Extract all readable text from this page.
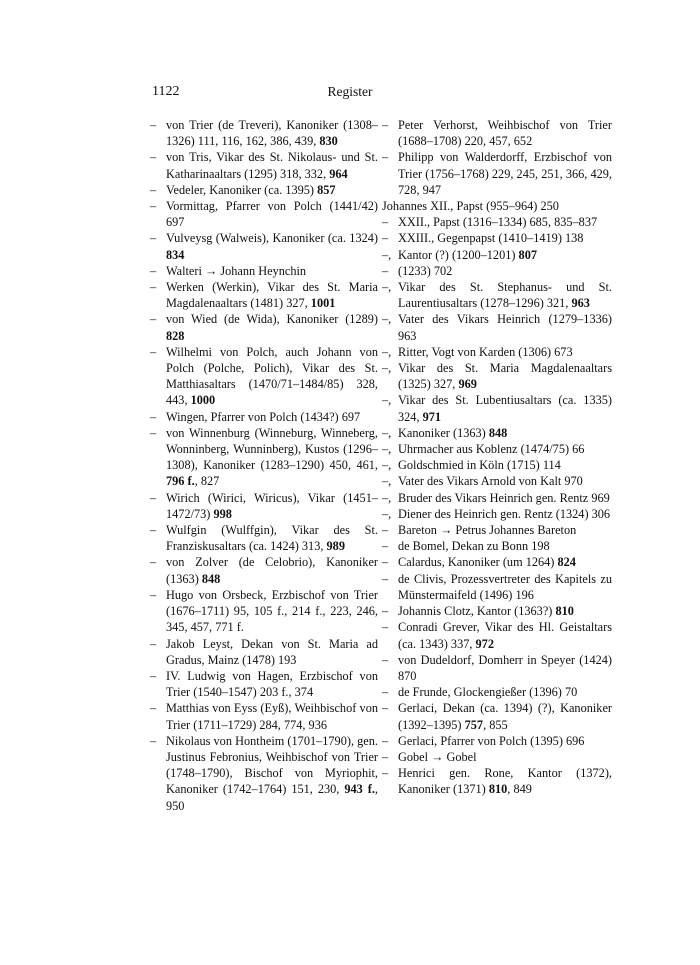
1122	Register
– von Trier (de Treveri), Kanoniker (1308–1326) 111, 116, 162, 386, 439, 830
– von Tris, Vikar des St. Nikolaus- und St. Katharinaaltars (1295) 318, 332, 964
– Vedeler, Kanoniker (ca. 1395) 857
– Vormittag, Pfarrer von Polch (1441/42) 697
– Vulveysg (Walweis), Kanoniker (ca. 1324) 834
– Walteri → Johann Heynchin
– Werken (Werkin), Vikar des St. Maria Magdalenaaltars (1481) 327, 1001
– von Wied (de Wida), Kanoniker (1289) 828
– Wilhelmi von Polch, auch Johann von Polch (Polche, Polich), Vikar des St. Matthiasaltars (1470/71–1484/85) 328, 443, 1000
– Wingen, Pfarrer von Polch (1434?) 697
– von Winnenburg (Winneburg, Winneberg, Wonninberg, Wunninberg), Kustos (1296–1308), Kanoniker (1283–1290) 450, 461, 796 f., 827
– Wirich (Wirici, Wiricus), Vikar (1451–1472/73) 998
– Wulfgin (Wulffgin), Vikar des St. Franziskusaltars (ca. 1424) 313, 989
– von Zolver (de Celobrio), Kanoniker (1363) 848
– Hugo von Orsbeck, Erzbischof von Trier (1676–1711) 95, 105 f., 214 f., 223, 246, 345, 457, 771 f.
– Jakob Leyst, Dekan von St. Maria ad Gradus, Mainz (1478) 193
– IV. Ludwig von Hagen, Erzbischof von Trier (1540–1547) 203 f., 374
– Matthias von Eyss (Eyß), Weihbischof von Trier (1711–1729) 284, 774, 936
– Nikolaus von Hontheim (1701–1790), gen. Justinus Febronius, Weihbischof von Trier (1748–1790), Bischof von Myriophit, Kanoniker (1742–1764) 151, 230, 943 f., 950
– Peter Verhorst, Weihbischof von Trier (1688–1708) 220, 457, 652
– Philipp von Walderdorff, Erzbischof von Trier (1756–1768) 229, 245, 251, 366, 429, 728, 947
Johannes XII., Papst (955–964) 250
– XXII., Papst (1316–1334) 685, 835–837
– XXIII., Gegenpapst (1410–1419) 138
–, Kantor (?) (1200–1201) 807
– (1233) 702
–, Vikar des St. Stephanus- und St. Laurentiusaltars (1278–1296) 321, 963
–, Vater des Vikars Heinrich (1279–1336) 963
–, Ritter, Vogt von Karden (1306) 673
–, Vikar des St. Maria Magdalenaaltars (1325) 327, 969
–, Vikar des St. Lubentiusaltars (ca. 1335) 324, 971
–, Kanoniker (1363) 848
–, Uhrmacher aus Koblenz (1474/75) 66
–, Goldschmied in Köln (1715) 114
–, Vater des Vikars Arnold von Kalt 970
–, Bruder des Vikars Heinrich gen. Rentz 969
–, Diener des Heinrich gen. Rentz (1324) 306
– Bareton → Petrus Johannes Bareton
– de Bomel, Dekan zu Bonn 198
– Calardus, Kanoniker (um 1264) 824
– de Clivis, Prozessvertreter des Kapitels zu Münstermaifeld (1496) 196
– Johannis Clotz, Kantor (1363?) 810
– Conradi Grever, Vikar des Hl. Geistaltars (ca. 1343) 337, 972
– von Dudeldorf, Domherr in Speyer (1424) 870
– de Frunde, Glockengießer (1396) 70
– Gerlaci, Dekan (ca. 1394) (?), Kanoniker (1392–1395) 757, 855
– Gerlaci, Pfarrer von Polch (1395) 696
– Gobel → Gobel
– Henrici gen. Rone, Kantor (1372), Kanoniker (1371) 810, 849
